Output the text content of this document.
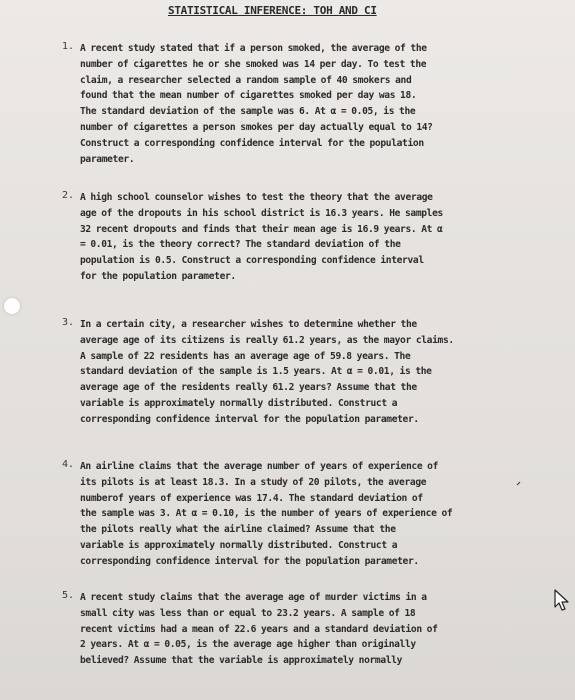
STATISTICAL INFERENCE: TOH AND CI
1. A recent study stated that if a person smoked, the average of the
number of cigarettes he or she smoked was 14 per day. To test the
claim, a researcher selected a random sample of 40 smokers and
found that the mean number of cigarettes smoked per day was 18.
The standard deviation of the sample was 6. At α = 0.05, is the
number of cigarettes a person smokes per day actually equal to 14?
Construct a corresponding confidence interval for the population
parameter.
2. A high school counselor wishes to test the theory that the average
age of the dropouts in his school district is 16.3 years. He samples
32 recent dropouts and finds that their mean age is 16.9 years. At α
= 0.01, is the theory correct? The standard deviation of the
population is 0.5. Construct a corresponding confidence interval
for the population parameter.
3. In a certain city, a researcher wishes to determine whether the
average age of its citizens is really 61.2 years, as the mayor claims.
A sample of 22 residents has an average age of 59.8 years. The
standard deviation of the sample is 1.5 years. At α = 0.01, is the
average age of the residents really 61.2 years? Assume that the
variable is approximately normally distributed. Construct a
corresponding confidence interval for the population parameter.
4. An airline claims that the average number of years of experience of
its pilots is at least 18.3. In a study of 20 pilots, the average
numberof years of experience was 17.4. The standard deviation of
the sample was 3. At α = 0.10, is the number of years of experience of
the pilots really what the airline claimed? Assume that the
variable is approximately normally distributed. Construct a
corresponding confidence interval for the population parameter.
5. A recent study claims that the average age of murder victims in a
small city was less than or equal to 23.2 years. A sample of 18
recent victims had a mean of 22.6 years and a standard deviation of
2 years. At α = 0.05, is the average age higher than originally
believed? Assume that the variable is approximately normally
